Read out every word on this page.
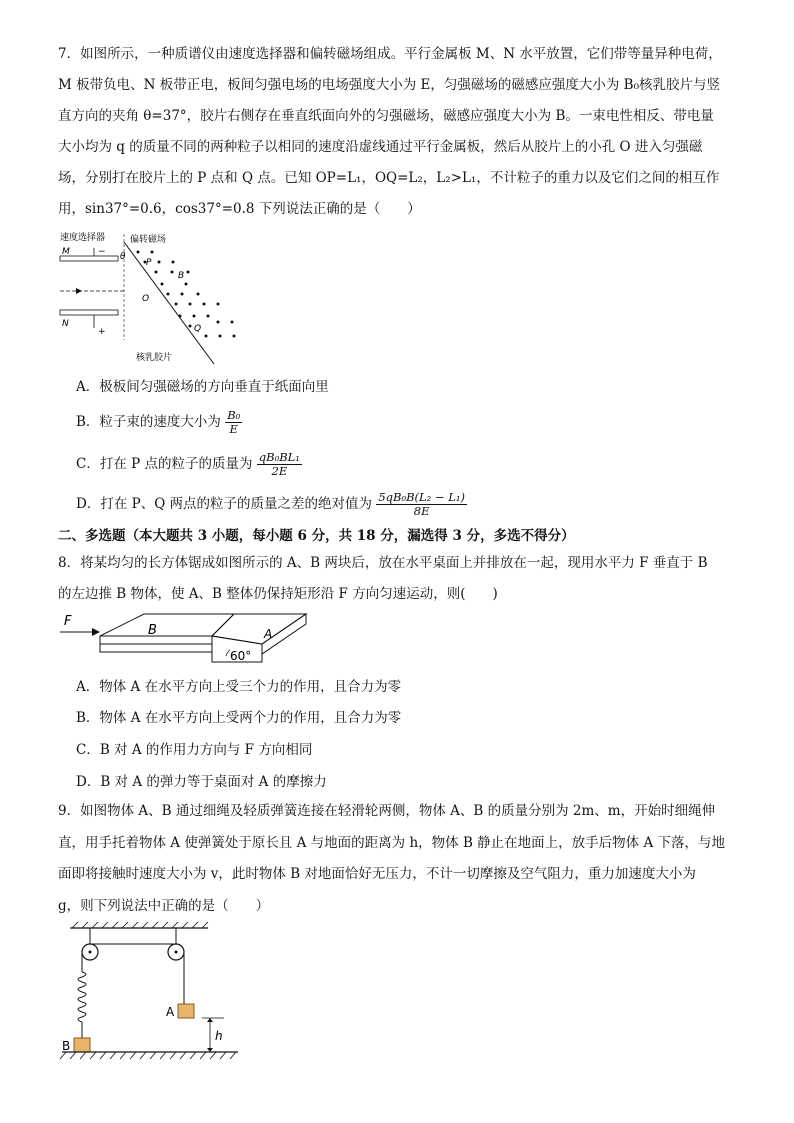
7．如图所示，一种质谱仪由速度选择器和偏转磁场组成。平行金属板 M、N 水平放置，它们带等量异种电荷，
M 板带负电、N 板带正电，板间匀强电场的电场强度大小为 E，匀强磁场的磁感应强度大小为 B₀核乳胶片与竖
直方向的夹角 θ=37°，胶片右侧存在垂直纸面向外的匀强磁场，磁感应强度大小为 B。一束电性相反、带电量
大小均为 q 的质量不同的两种粒子以相同的速度沿虚线通过平行金属板，然后从胶片上的小孔 O 进入匀强磁
场，分别打在胶片上的 P 点和 Q 点。已知 OP=L₁，OQ=L₂，L₂>L₁，不计粒子的重力以及它们之间的相互作
用，sin37°=0.6，cos37°=0.8 下列说法正确的是（　　）
速度选择器	偏转磁场
M	−
N
+
θ
P
B
O
Q
核乳胶片
A．极板间匀强磁场的方向垂直于纸面向里
B．粒子束的速度大小为 $\frac{\text{B₀}}{E}$
C．打在 P 点的粒子的质量为 $\frac{\text{qB₀BL₁}}{2E}$
D．打在 P、Q 两点的粒子的质量之差的绝对值为 $\frac{\text{5qB₀B(L₂ − L₁)}}{8E}$
二、多选题（本大题共 3 小题，每小题 6 分，共 18 分，漏选得 3 分，多选不得分）
8．将某均匀的长方体锯成如图所示的 A、B 两块后，放在水平桌面上并排放在一起，现用水平力 F 垂直于 B
的左边推 B 物体，使 A、B 整体仍保持矩形沿 F 方向匀速运动，则(　　)
F
B	A
60°
A．物体 A 在水平方向上受三个力的作用，且合力为零
B．物体 A 在水平方向上受两个力的作用，且合力为零
C．B 对 A 的作用力方向与 F 方向相同
D．B 对 A 的弹力等于桌面对 A 的摩擦力
9．如图物体 A、B 通过细绳及轻质弹簧连接在轻滑轮两侧，物体 A、B 的质量分别为 2m、m，开始时细绳伸
直，用手托着物体 A 使弹簧处于原长且 A 与地面的距离为 h，物体 B 静止在地面上，放手后物体 A 下落，与地
面即将接触时速度大小为 v，此时物体 B 对地面恰好无压力，不计一切摩擦及空气阻力，重力加速度大小为
g，则下列说法中正确的是（　　）
B
A
h
